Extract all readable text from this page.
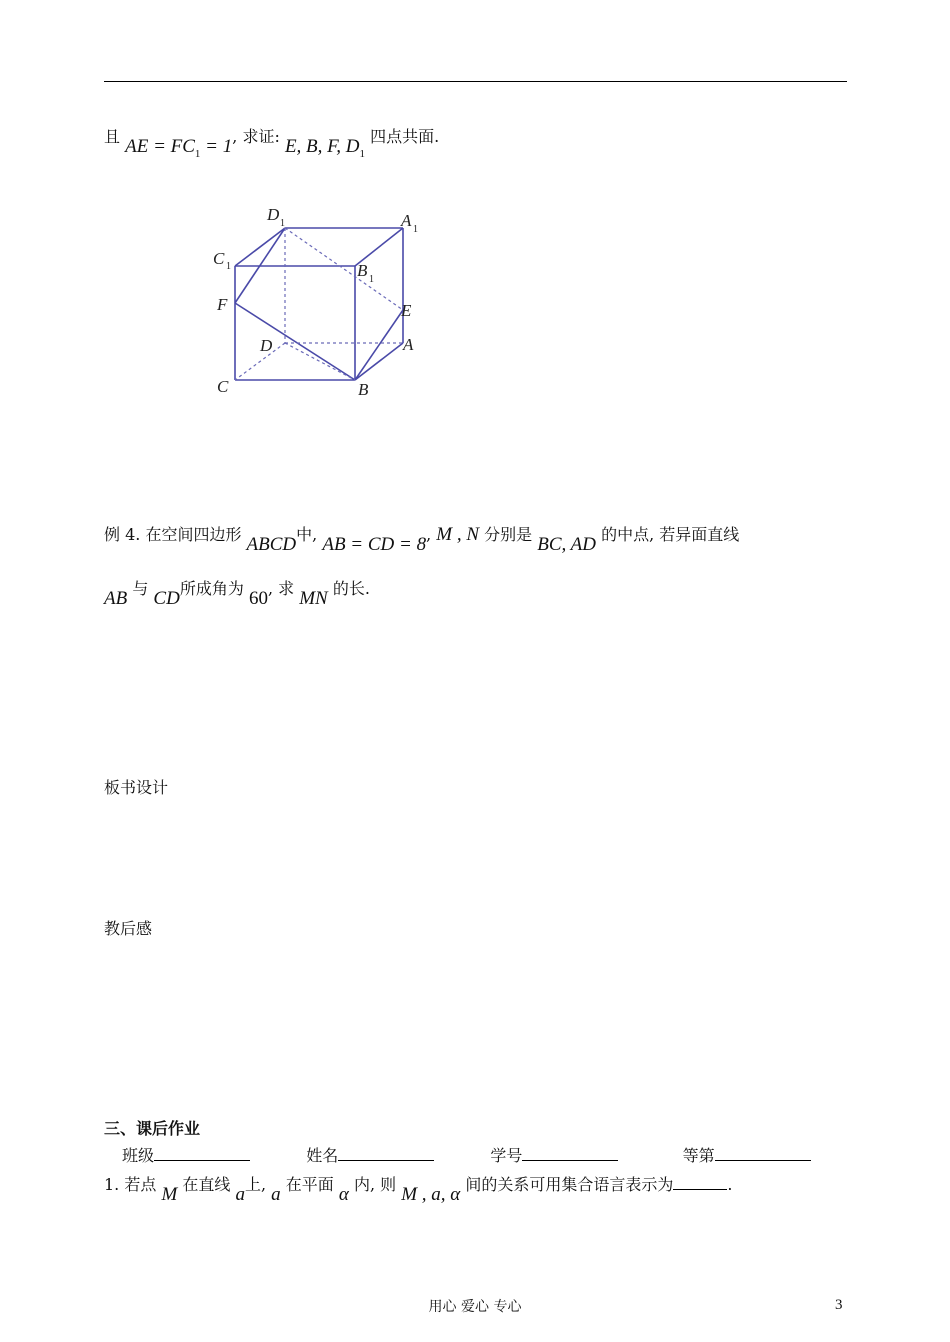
且 AE = $FC_1 = 1$, 求证: E, B, F, $D_1$ 四点共面.
D 1	A 1
C 1	B 1
F	E
D	A
C	B
例 4. 在空间四边形 ABCD中, AB = CD = 8, M , N 分别是 BC, AD 的中点, 若异面直线
AB 与 CD所成角为 60, 求 MN 的长.
板书设计
教后感
三、课后作业
班级	姓名	学号	等第
1. 若点 M 在直线 a上, a 在平面 α 内, 则 M , a, α 间的关系可用集合语言表示为	.
用心 爱心 专心	3
